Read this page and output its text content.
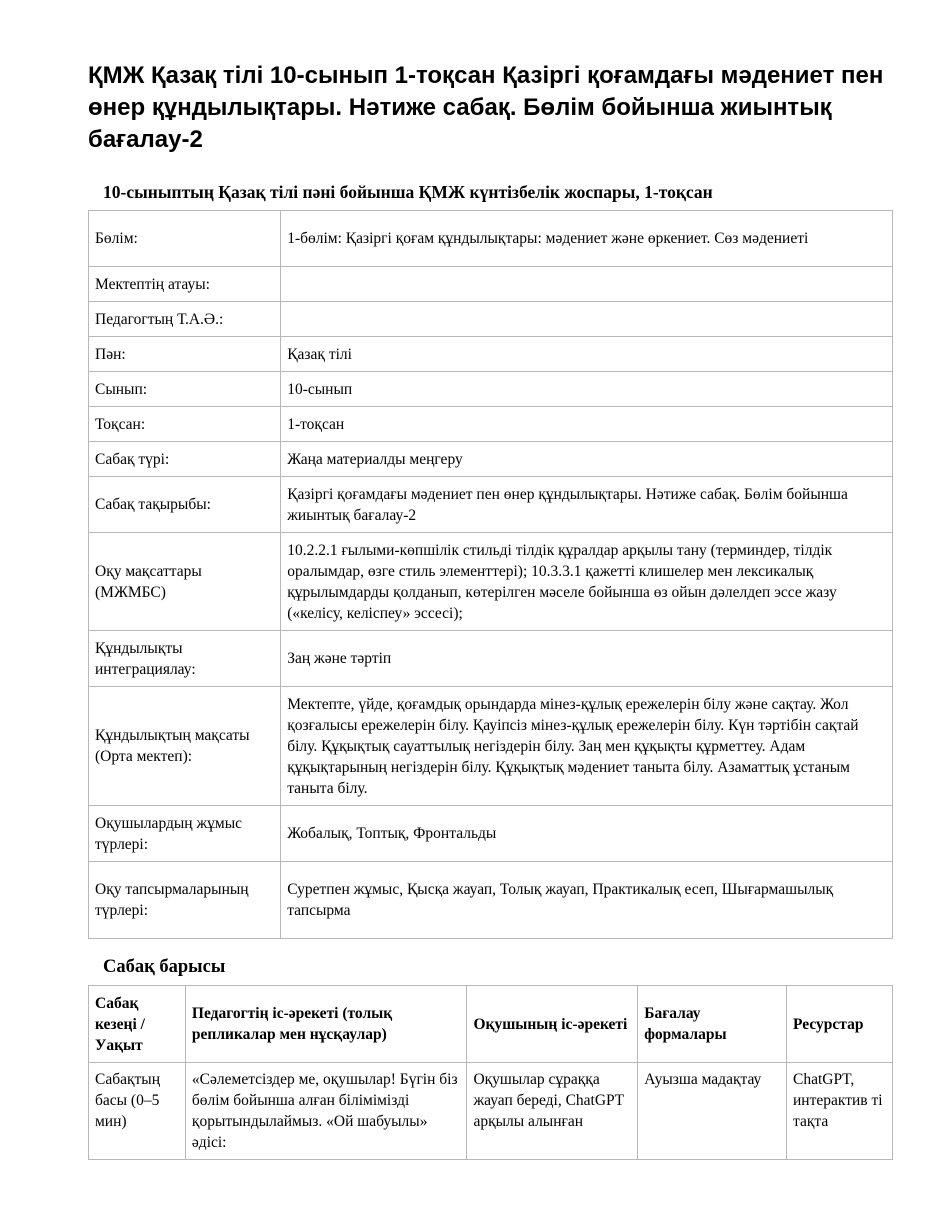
ҚМЖ Қазақ тілі 10-сынып 1-тоқсан Қазіргі қоғамдағы мәдениет пен өнер құндылықтары. Нәтиже сабақ. Бөлім бойынша жиынтық бағалау-2

10-сыныптың Қазақ тілі пәні бойынша ҚМЖ күнтізбелік жоспары, 1-тоқсан

Бөлім:	1-бөлім: Қазіргі қоғам құндылықтары: мәдениет және өркениет. Сөз мәдениеті
Мектептің атауы:	
Педагогтың Т.А.Ә.:	
Пән:	Қазақ тілі
Сынып:	10-сынып
Тоқсан:	1-тоқсан
Сабақ түрі:	Жаңа материалды меңгеру
Сабақ тақырыбы:	Қазіргі қоғамдағы мәдениет пен өнер құндылықтары. Нәтиже сабақ. Бөлім бойынша жиынтық бағалау-2
Оқу мақсаттары (МЖМБС)	10.2.2.1 ғылыми-көпшілік стильді тілдік құралдар арқылы тану (терминдер, тілдік оралымдар, өзге стиль элементтері); 10.3.3.1 қажетті клишелер мен лексикалық құрылымдарды қолданып, көтерілген мәселе бойынша өз ойын дәлелдеп эссе жазу («келісу, келіспеу» эссесі);
Құндылықты интеграциялау:	Заң және тәртіп
Құндылықтың мақсаты (Орта мектеп):	Мектепте, үйде, қоғамдық орындарда мінез-құлық ережелерін білу және сақтау. Жол қозғалысы ережелерін білу. Қауіпсіз мінез-құлық ережелерін білу. Күн тәртібін сақтай білу. Құқықтық сауаттылық негіздерін білу. Заң мен құқықты құрметтеу. Адам құқықтарының негіздерін білу. Құқықтық мәдениет таныта білу. Азаматтық ұстаным таныта білу.
Оқушылардың жұмыс түрлері:	Жобалық, Топтық, Фронтальды
Оқу тапсырмаларының түрлері:	Суретпен жұмыс, Қысқа жауап, Толық жауап, Практикалық есеп, Шығармашылық тапсырма

Сабақ барысы

Сабақ кезеңі / Уақыт	Педагогтің іс-әрекеті (толық репликалар мен нұсқаулар)	Оқушының іс-әрекеті	Бағалау формалары	Ресурстар
Сабақтың басы (0–5 мин)	«Сәлеметсіздер ме, оқушылар! Бүгін біз бөлім бойынша алған білімімізді қорытындылаймыз. «Ой шабуылы» әдісі:	Оқушылар сұраққа жауап береді, ChatGPT арқылы алынған	Ауызша мадақтау	ChatGPT, интерактив ті тақта
